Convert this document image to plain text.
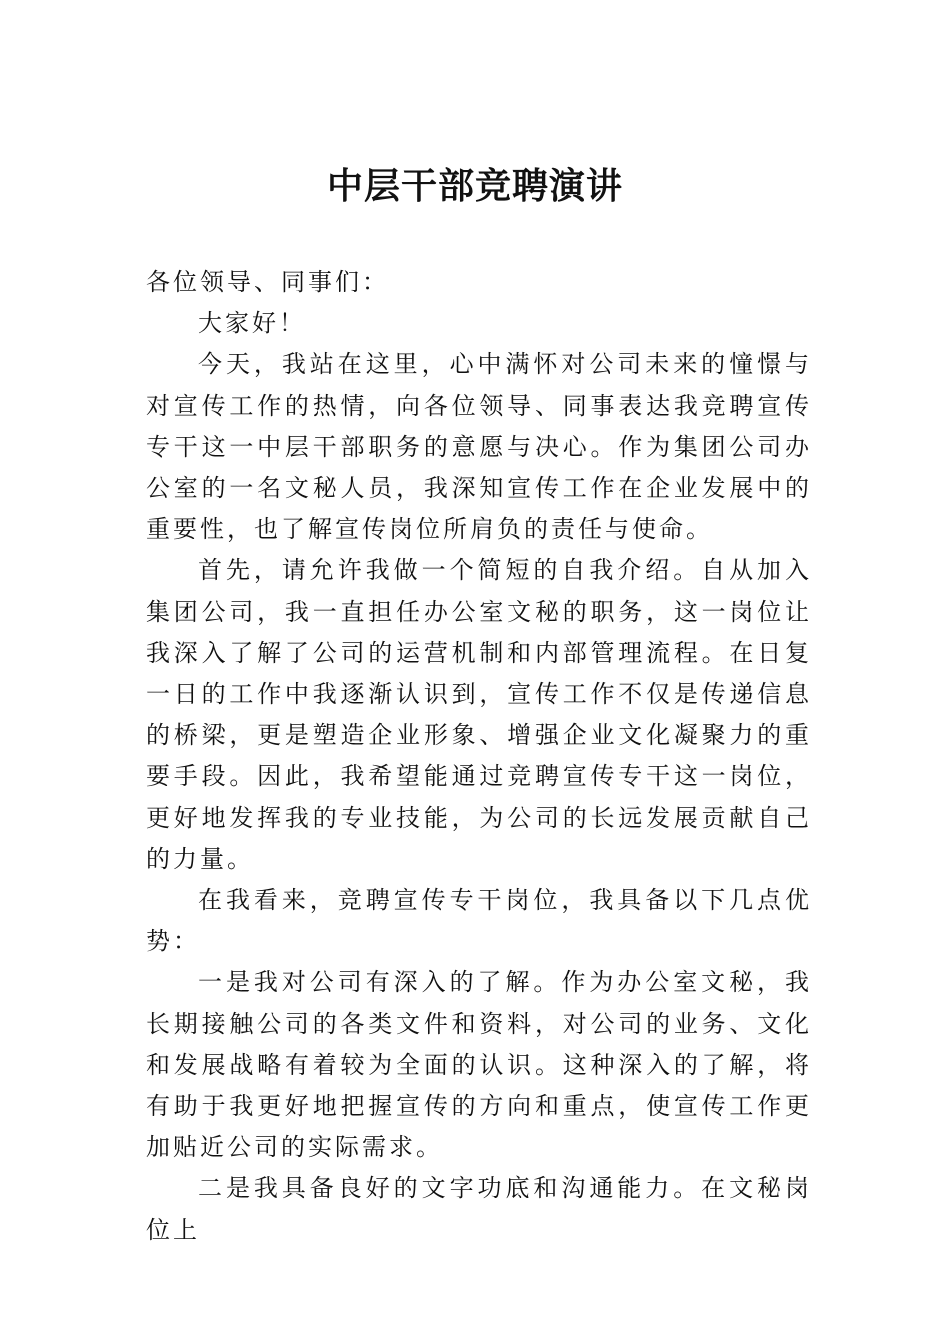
中层干部竞聘演讲

各位领导、同事们：

大家好！

今天，我站在这里，心中满怀对公司未来的憧憬与对宣传工作的热情，向各位领导、同事表达我竞聘宣传专干这一中层干部职务的意愿与决心。作为集团公司办公室的一名文秘人员，我深知宣传工作在企业发展中的重要性，也了解宣传岗位所肩负的责任与使命。

首先，请允许我做一个简短的自我介绍。自从加入集团公司，我一直担任办公室文秘的职务，这一岗位让我深入了解了公司的运营机制和内部管理流程。在日复一日的工作中我逐渐认识到，宣传工作不仅是传递信息的桥梁，更是塑造企业形象、增强企业文化凝聚力的重要手段。因此，我希望能通过竞聘宣传专干这一岗位，更好地发挥我的专业技能，为公司的长远发展贡献自己的力量。

在我看来，竞聘宣传专干岗位，我具备以下几点优势：

一是我对公司有深入的了解。作为办公室文秘，我长期接触公司的各类文件和资料，对公司的业务、文化和发展战略有着较为全面的认识。这种深入的了解，将有助于我更好地把握宣传的方向和重点，使宣传工作更加贴近公司的实际需求。

二是我具备良好的文字功底和沟通能力。在文秘岗位上
